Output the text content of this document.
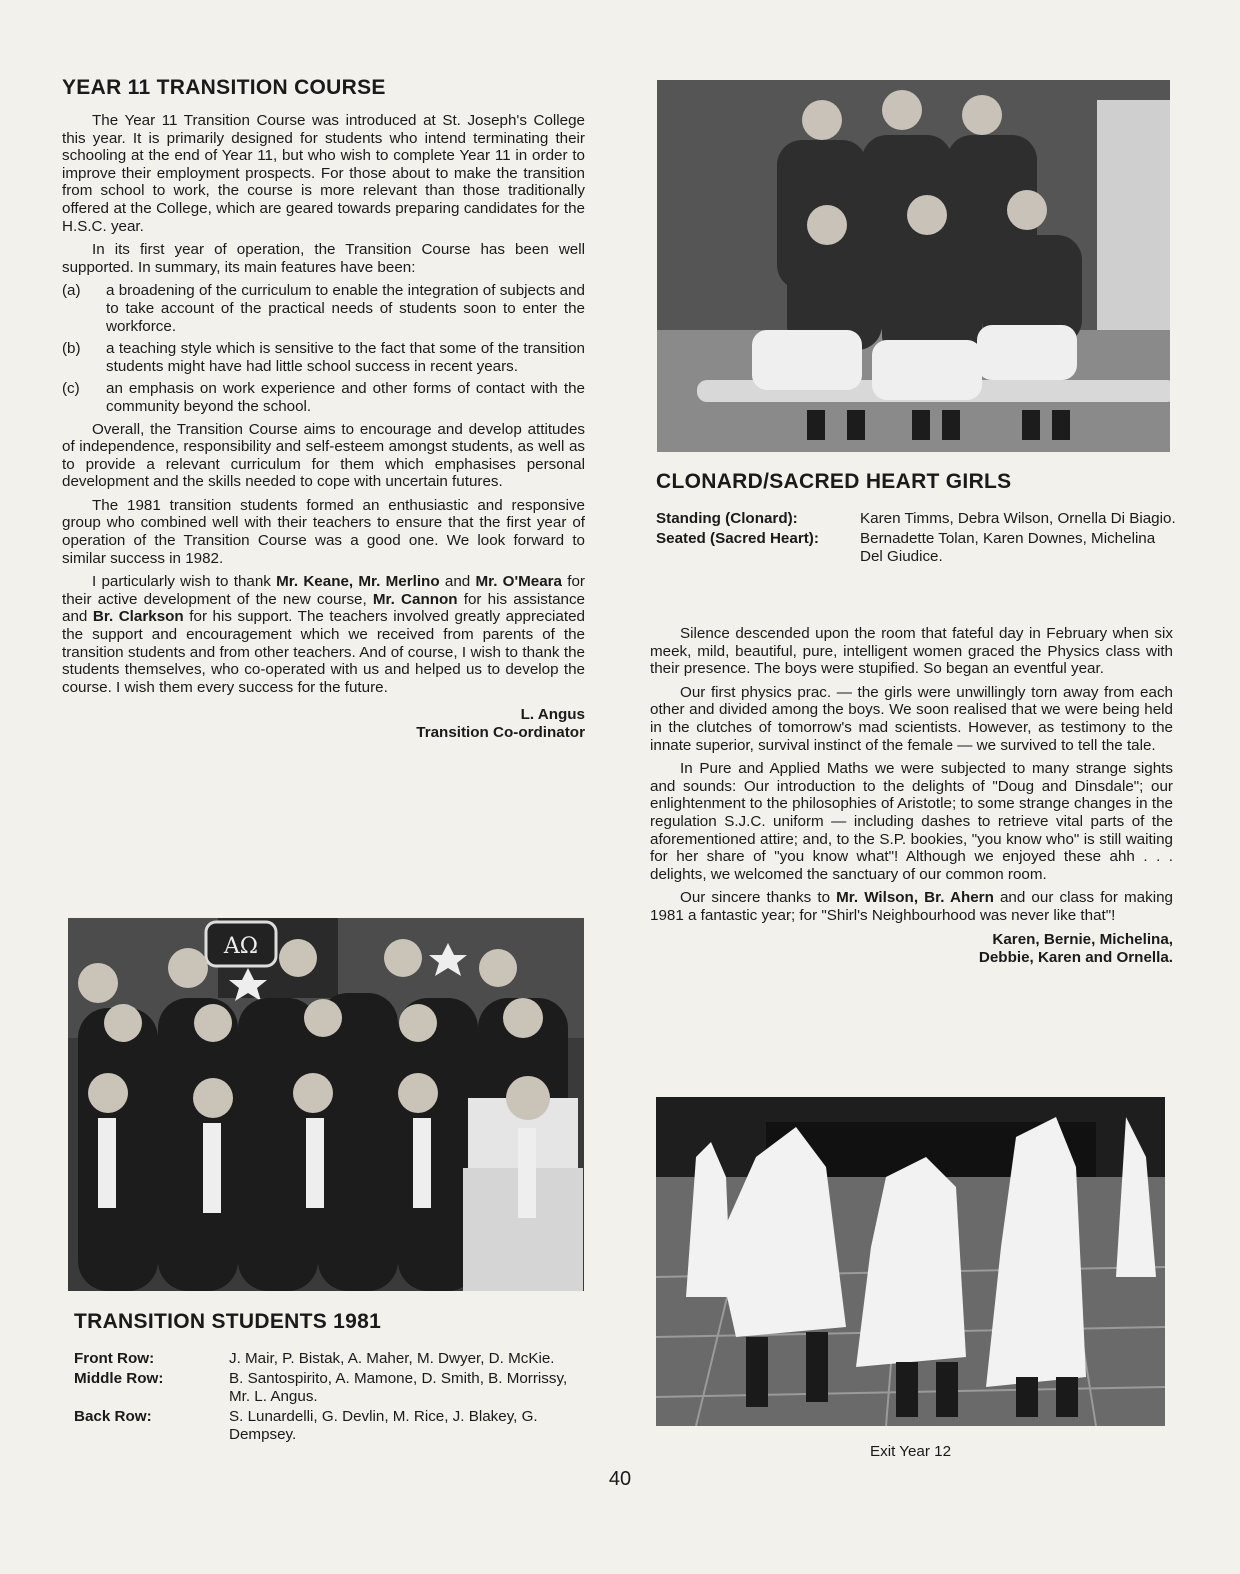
YEAR 11 TRANSITION COURSE

The Year 11 Transition Course was introduced at St. Joseph's College this year. It is primarily designed for students who intend terminating their schooling at the end of Year 11, but who wish to complete Year 11 in order to improve their employment prospects. For those about to make the transition from school to work, the course is more relevant than those traditionally offered at the College, which are geared towards preparing candidates for the H.S.C. year.

In its first year of operation, the Transition Course has been well supported. In summary, its main features have been:

(a)	a broadening of the curriculum to enable the integration of subjects and to take account of the practical needs of students soon to enter the workforce.
(b)	a teaching style which is sensitive to the fact that some of the transition students might have had little school success in recent years.
(c)	an emphasis on work experience and other forms of contact with the community beyond the school.

Overall, the Transition Course aims to encourage and develop attitudes of independence, responsibility and self-esteem amongst students, as well as to provide a relevant curriculum for them which emphasises personal development and the skills needed to cope with uncertain futures.

The 1981 transition students formed an enthusiastic and responsive group who combined well with their teachers to ensure that the first year of operation of the Transition Course was a good one. We look forward to similar success in 1982.

I particularly wish to thank Mr. Keane, Mr. Merlino and Mr. O'Meara for their active development of the new course, Mr. Cannon for his assistance and Br. Clarkson for his support. The teachers involved greatly appreciated the support and encouragement which we received from parents of the transition students and from other teachers. And of course, I wish to thank the students themselves, who co-operated with us and helped us to develop the course. I wish them every success for the future.

L. Angus
Transition Co-ordinator
ΑΩ
TRANSITION STUDENTS 1981
Front Row:	J. Mair, P. Bistak, A. Maher, M. Dwyer, D. McKie.
Middle Row:	B. Santospirito, A. Mamone, D. Smith, B. Morrissy, Mr. L. Angus.
Back Row:	S. Lunardelli, G. Devlin, M. Rice, J. Blakey, G. Dempsey.
CLONARD/SACRED HEART GIRLS
Standing (Clonard):	Karen Timms, Debra Wilson, Ornella Di Biagio.
Seated (Sacred Heart):	Bernadette Tolan, Karen Downes, Michelina Del Giudice.

Silence descended upon the room that fateful day in February when six meek, mild, beautiful, pure, intelligent women graced the Physics class with their presence. The boys were stupified. So began an eventful year.

Our first physics prac. — the girls were unwillingly torn away from each other and divided among the boys. We soon realised that we were being held in the clutches of tomorrow's mad scientists. However, as testimony to the innate superior, survival instinct of the female — we survived to tell the tale.

In Pure and Applied Maths we were subjected to many strange sights and sounds: Our introduction to the delights of "Doug and Dinsdale"; our enlightenment to the philosophies of Aristotle; to some strange changes in the regulation S.J.C. uniform — including dashes to retrieve vital parts of the aforementioned attire; and, to the S.P. bookies, "you know who" is still waiting for her share of "you know what"! Although we enjoyed these ahh . . . delights, we welcomed the sanctuary of our common room.

Our sincere thanks to Mr. Wilson, Br. Ahern and our class for making 1981 a fantastic year; for "Shirl's Neighbourhood was never like that"!

Karen, Bernie, Michelina,
Debbie, Karen and Ornella.
Exit Year 12
40
